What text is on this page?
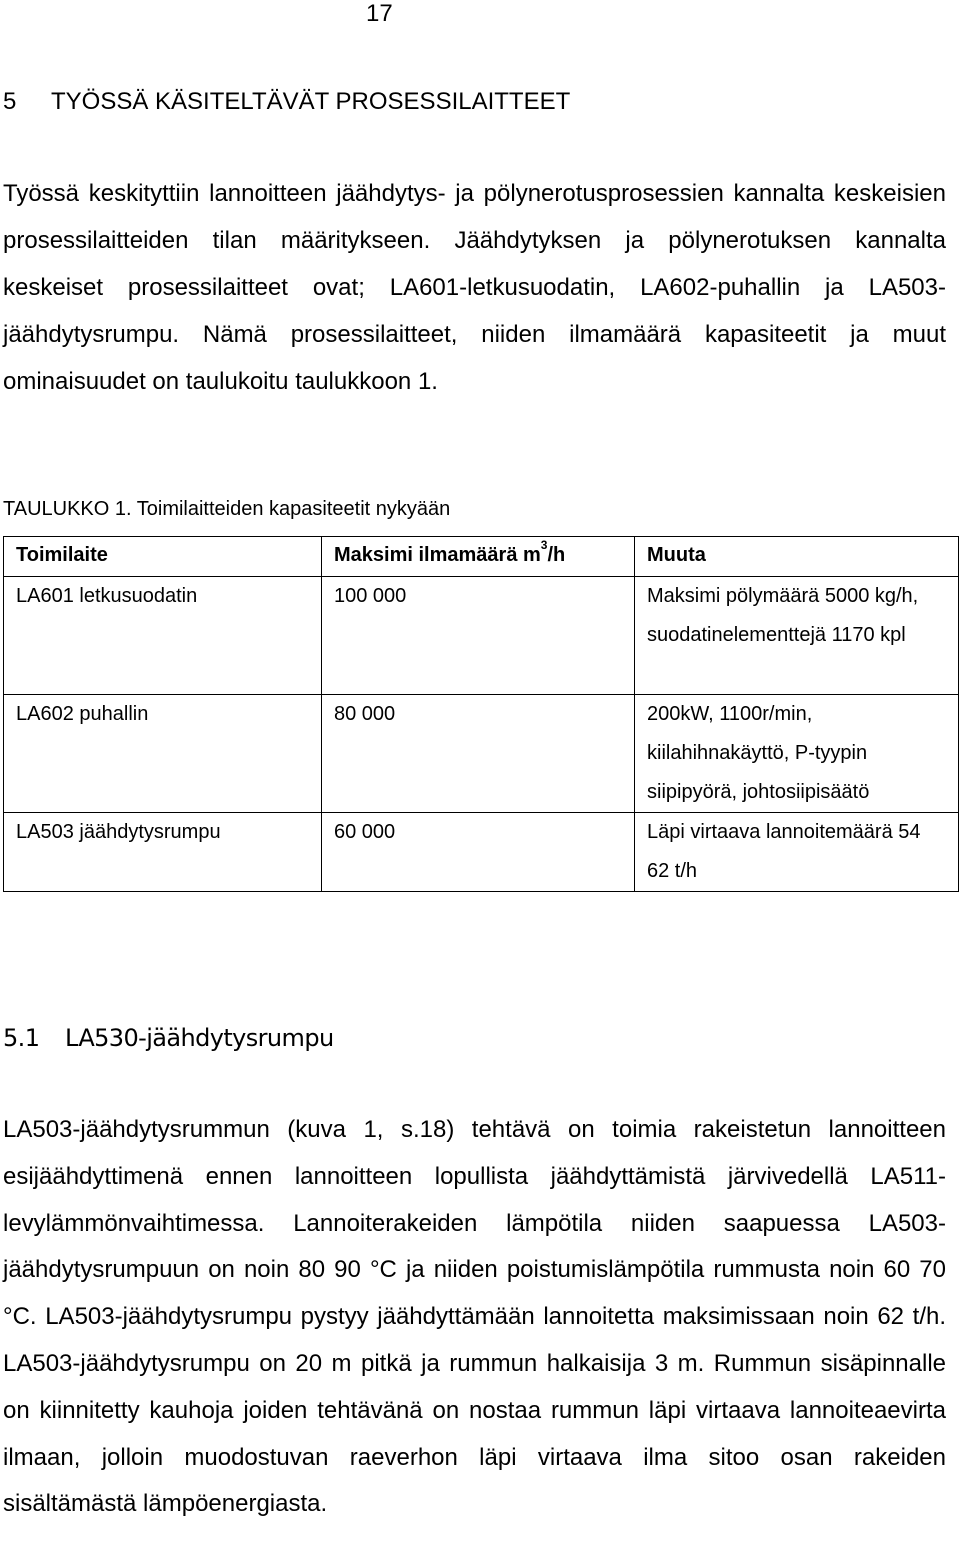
17
5 TYÖSSÄ KÄSITELTÄVÄT PROSESSILAITTEET

Työssä keskityttiin lannoitteen jäähdytys- ja pölynerotusprosessien kannalta keskeisien prosessilaitteiden tilan määritykseen. Jäähdytyksen ja pölynerotuksen kannalta keskeiset prosessilaitteet ovat; LA601-letkusuodatin, LA602-puhallin ja LA503-jäähdytysrumpu. Nämä prosessilaitteet, niiden ilmamäärä kapasiteetit ja muut ominaisuudet on taulukoitu taulukkoon 1.

TAULUKKO 1. Toimilaitteiden kapasiteetit nykyään

Toimilaite	Maksimi ilmamäärä $m^3/h$	Muuta
LA601 letkusuodatin	100 000	Maksimi pölymäärä 5000 kg/h, suodatinelementtejä 1170 kpl
LA602 puhallin	80 000	200kW, 1100r/min, kiilahihnakäyttö, P-tyypin siipipyörä, johtosiipisäätö
LA503 jäähdytysrumpu	60 000	Läpi virtaava lannoitemäärä 54 62 t/h
5.1 LA530-jäähdytysrumpu

LA503-jäähdytysrummun (kuva 1, s.18) tehtävä on toimia rakeistetun lannoitteen esijäähdyttimenä ennen lannoitteen lopullista jäähdyttämistä järvivedellä LA511-levylämmönvaihtimessa. Lannoiterakeiden lämpötila niiden saapuessa LA503-jäähdytysrumpuun on noin 80 90 °C ja niiden poistumislämpötila rummusta noin 60 70 °C. LA503-jäähdytysrumpu pystyy jäähdyttämään lannoitetta maksimissaan noin 62 t/h. LA503-jäähdytysrumpu on 20 m pitkä ja rummun halkaisija 3 m. Rummun sisäpinnalle on kiinnitetty kauhoja joiden tehtävänä on nostaa rummun läpi virtaava lannoiteaevirta ilmaan, jolloin muodostuvan raeverhon läpi virtaava ilma sitoo osan rakeiden sisältämästä lämpöenergiasta.
